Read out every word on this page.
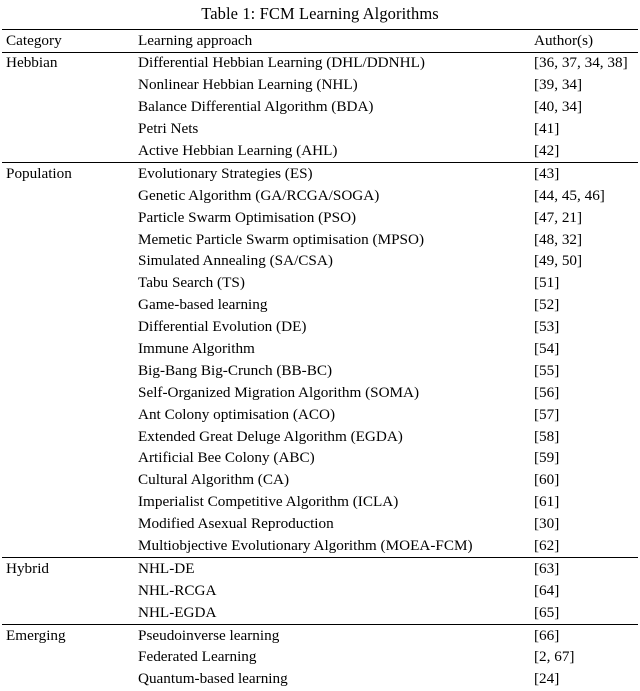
Table 1: FCM Learning Algorithms
Category	Learning approach	Author(s)
Hebbian	Differential Hebbian Learning (DHL/DDNHL)	[36, 37, 34, 38]
	Nonlinear Hebbian Learning (NHL)	[39, 34]
	Balance Differential Algorithm (BDA)	[40, 34]
	Petri Nets	[41]
	Active Hebbian Learning (AHL)	[42]
Population	Evolutionary Strategies (ES)	[43]
	Genetic Algorithm (GA/RCGA/SOGA)	[44, 45, 46]
	Particle Swarm Optimisation (PSO)	[47, 21]
	Memetic Particle Swarm optimisation (MPSO)	[48, 32]
	Simulated Annealing (SA/CSA)	[49, 50]
	Tabu Search (TS)	[51]
	Game-based learning	[52]
	Differential Evolution (DE)	[53]
	Immune Algorithm	[54]
	Big-Bang Big-Crunch (BB-BC)	[55]
	Self-Organized Migration Algorithm (SOMA)	[56]
	Ant Colony optimisation (ACO)	[57]
	Extended Great Deluge Algorithm (EGDA)	[58]
	Artificial Bee Colony (ABC)	[59]
	Cultural Algorithm (CA)	[60]
	Imperialist Competitive Algorithm (ICLA)	[61]
	Modified Asexual Reproduction	[30]
	Multiobjective Evolutionary Algorithm (MOEA-FCM)	[62]
Hybrid	NHL-DE	[63]
	NHL-RCGA	[64]
	NHL-EGDA	[65]
Emerging	Pseudoinverse learning	[66]
	Federated Learning	[2, 67]
	Quantum-based learning	[24]
